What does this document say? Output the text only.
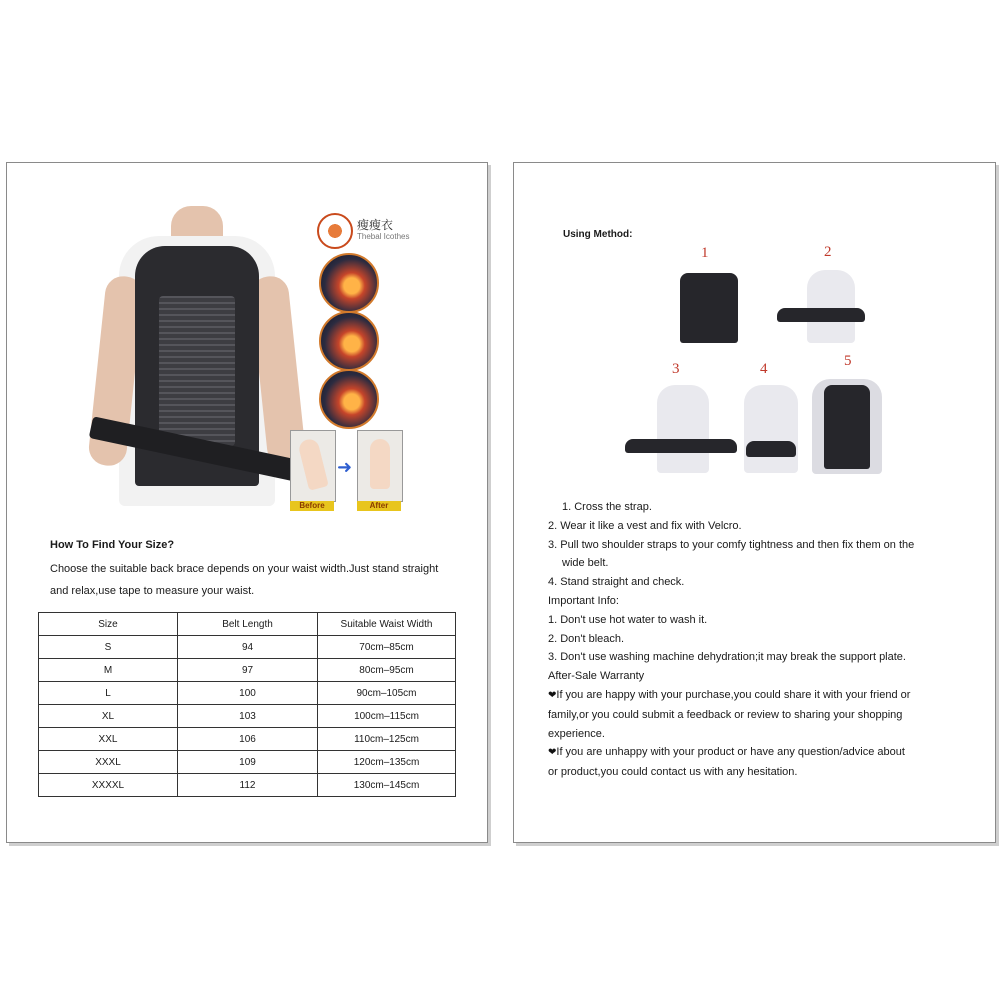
瘦瘦衣
Thebal Icothes
➜
Before	After
How To Find Your Size?

Choose the suitable back brace depends on your waist width.Just stand straight and relax,use tape to measure your waist.

Size	Belt Length	Suitable Waist Width
S	94	70cm–85cm
M	97	80cm–95cm
L	100	90cm–105cm
XL	103	100cm–115cm
XXL	106	110cm–125cm
XXXL	109	120cm–135cm
XXXXL	112	130cm–145cm
Using Method:
1	2
3	4	5

1. Cross the strap.

2. Wear it like a vest and fix with Velcro.

3. Pull two shoulder straps to your comfy tightness and then fix them on the

wide belt.

4. Stand straight and check.

Important Info:

1. Don't use hot water to wash it.

2. Don't bleach.

3. Don't use washing machine dehydration;it may break the support plate.

After-Sale Warranty

❤If you are happy with your purchase,you could share it with your friend or

family,or you could submit a feedback or review to sharing your shopping

experience.

❤If you are unhappy with your product or have any question/advice about

or product,you could contact us with any hesitation.
